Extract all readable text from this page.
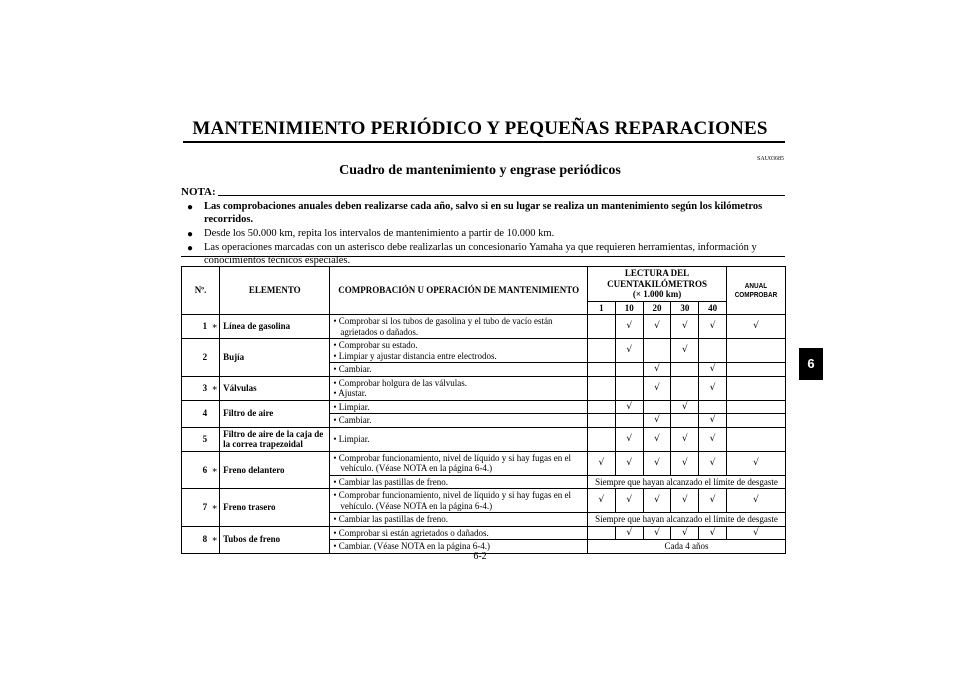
MANTENIMIENTO PERIÓDICO Y PEQUEÑAS REPARACIONES
SAU03685
Cuadro de mantenimiento y engrase periódicos
NOTA:
● Las comprobaciones anuales deben realizarse cada año, salvo si en su lugar se realiza un mantenimiento según los kilómetros recorridos.
● Desde los 50.000 km, repita los intervalos de mantenimiento a partir de 10.000 km.
● Las operaciones marcadas con un asterisco debe realizarlas un concesionario Yamaha ya que requieren herramientas, información y conocimientos técnicos especiales.
6
Nº.		ELEMENTO	COMPROBACIÓN U OPERACIÓN DE MANTENIMIENTO	LECTURA DEL CUENTAKILÓMETROS
(× 1.000 km)					ANUAL COMPROBAR
				1	10	20	30	40	
1	∗	Línea de gasolina	• Comprobar si los tubos de gasolina y el tubo de vacío están agrietados o dañados.		√	√	√	√	√
2		Bujía	• Comprobar su estado.
• Limpiar y ajustar distancia entre electrodos.		√		√		

			• Cambiar.			√		√	
3	∗	Válvulas	• Comprobar holgura de las válvulas.
• Ajustar.			√		√	
4		Filtro de aire	• Limpiar.		√		√		

			• Cambiar.			√		√	
5		Filtro de aire de la caja de la correa trapezoidal	• Limpiar.		√	√	√	√	
6	∗	Freno delantero	• Comprobar funcionamiento, nivel de líquido y si hay fugas en el vehículo. (Véase NOTA en la página 6-4.)	√	√	√	√	√	√

			• Cambiar las pastillas de freno.	Siempre que hayan alcanzado el límite de desgaste					
7	∗	Freno trasero	• Comprobar funcionamiento, nivel de líquido y si hay fugas en el vehículo. (Véase NOTA en la página 6-4.)	√	√	√	√	√	√

			• Cambiar las pastillas de freno.	Siempre que hayan alcanzado el límite de desgaste					
8	∗	Tubos de freno	• Comprobar si están agrietados o dañados.		√	√	√	√	√

			• Cambiar. (Véase NOTA en la página 6-4.)	Cada 4 años					
6-2
